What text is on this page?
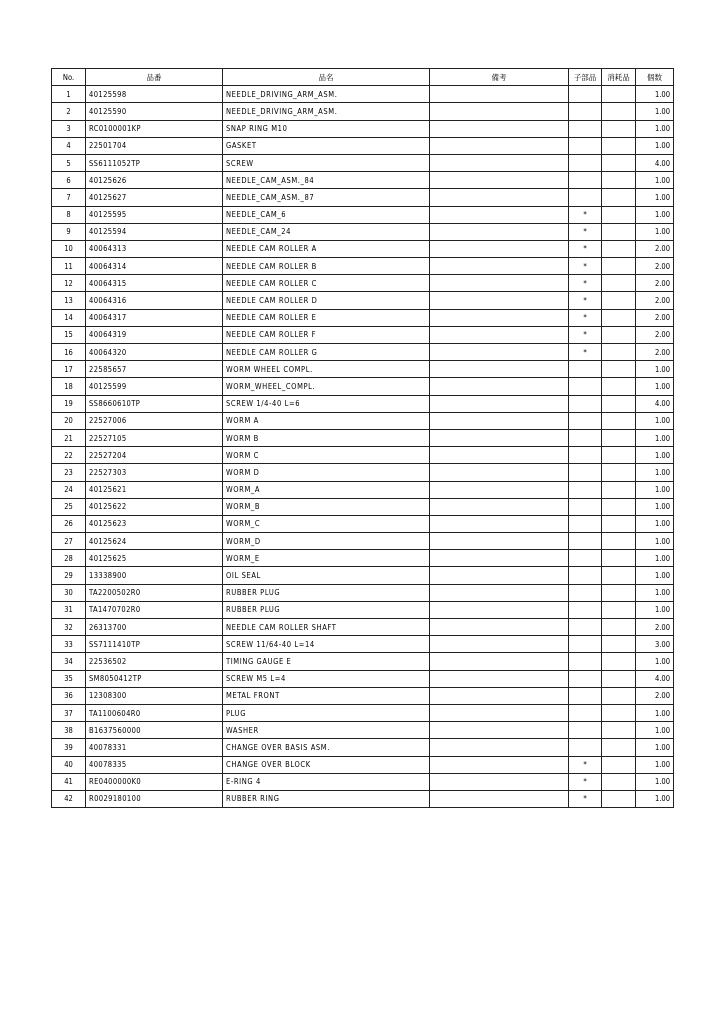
No.	品番	品名	備考	子部品	消耗品	個数
1	40125598	NEEDLE_DRIVING_ARM_ASM.				1.00
2	40125590	NEEDLE_DRIVING_ARM_ASM.				1.00
3	RC0100001KP	SNAP RING M10				1.00
4	22501704	GASKET				1.00
5	SS6111052TP	SCREW				4.00
6	40125626	NEEDLE_CAM_ASM._84				1.00
7	40125627	NEEDLE_CAM_ASM._87				1.00
8	40125595	NEEDLE_CAM_6		*		1.00
9	40125594	NEEDLE_CAM_24		*		1.00
10	40064313	NEEDLE CAM ROLLER A		*		2.00
11	40064314	NEEDLE CAM ROLLER B		*		2.00
12	40064315	NEEDLE CAM ROLLER C		*		2.00
13	40064316	NEEDLE CAM ROLLER D		*		2.00
14	40064317	NEEDLE CAM ROLLER E		*		2.00
15	40064319	NEEDLE CAM ROLLER F		*		2.00
16	40064320	NEEDLE CAM ROLLER G		*		2.00
17	22585657	WORM WHEEL COMPL.				1.00
18	40125599	WORM_WHEEL_COMPL.				1.00
19	SS8660610TP	SCREW 1/4-40 L=6				4.00
20	22527006	WORM A				1.00
21	22527105	WORM B				1.00
22	22527204	WORM C				1.00
23	22527303	WORM D				1.00
24	40125621	WORM_A				1.00
25	40125622	WORM_B				1.00
26	40125623	WORM_C				1.00
27	40125624	WORM_D				1.00
28	40125625	WORM_E				1.00
29	13338900	OIL SEAL				1.00
30	TA2200502R0	RUBBER PLUG				1.00
31	TA1470702R0	RUBBER PLUG				1.00
32	26313700	NEEDLE CAM ROLLER SHAFT				2.00
33	SS7111410TP	SCREW 11/64-40 L=14				3.00
34	22536502	TIMING GAUGE E				1.00
35	SM8050412TP	SCREW M5 L=4				4.00
36	12308300	METAL FRONT				2.00
37	TA1100604R0	PLUG				1.00
38	B1637560000	WASHER				1.00
39	40078331	CHANGE OVER BASIS ASM.				1.00
40	40078335	CHANGE OVER BLOCK		*		1.00
41	RE0400000K0	E-RING 4		*		1.00
42	R0029180100	RUBBER RING		*		1.00
